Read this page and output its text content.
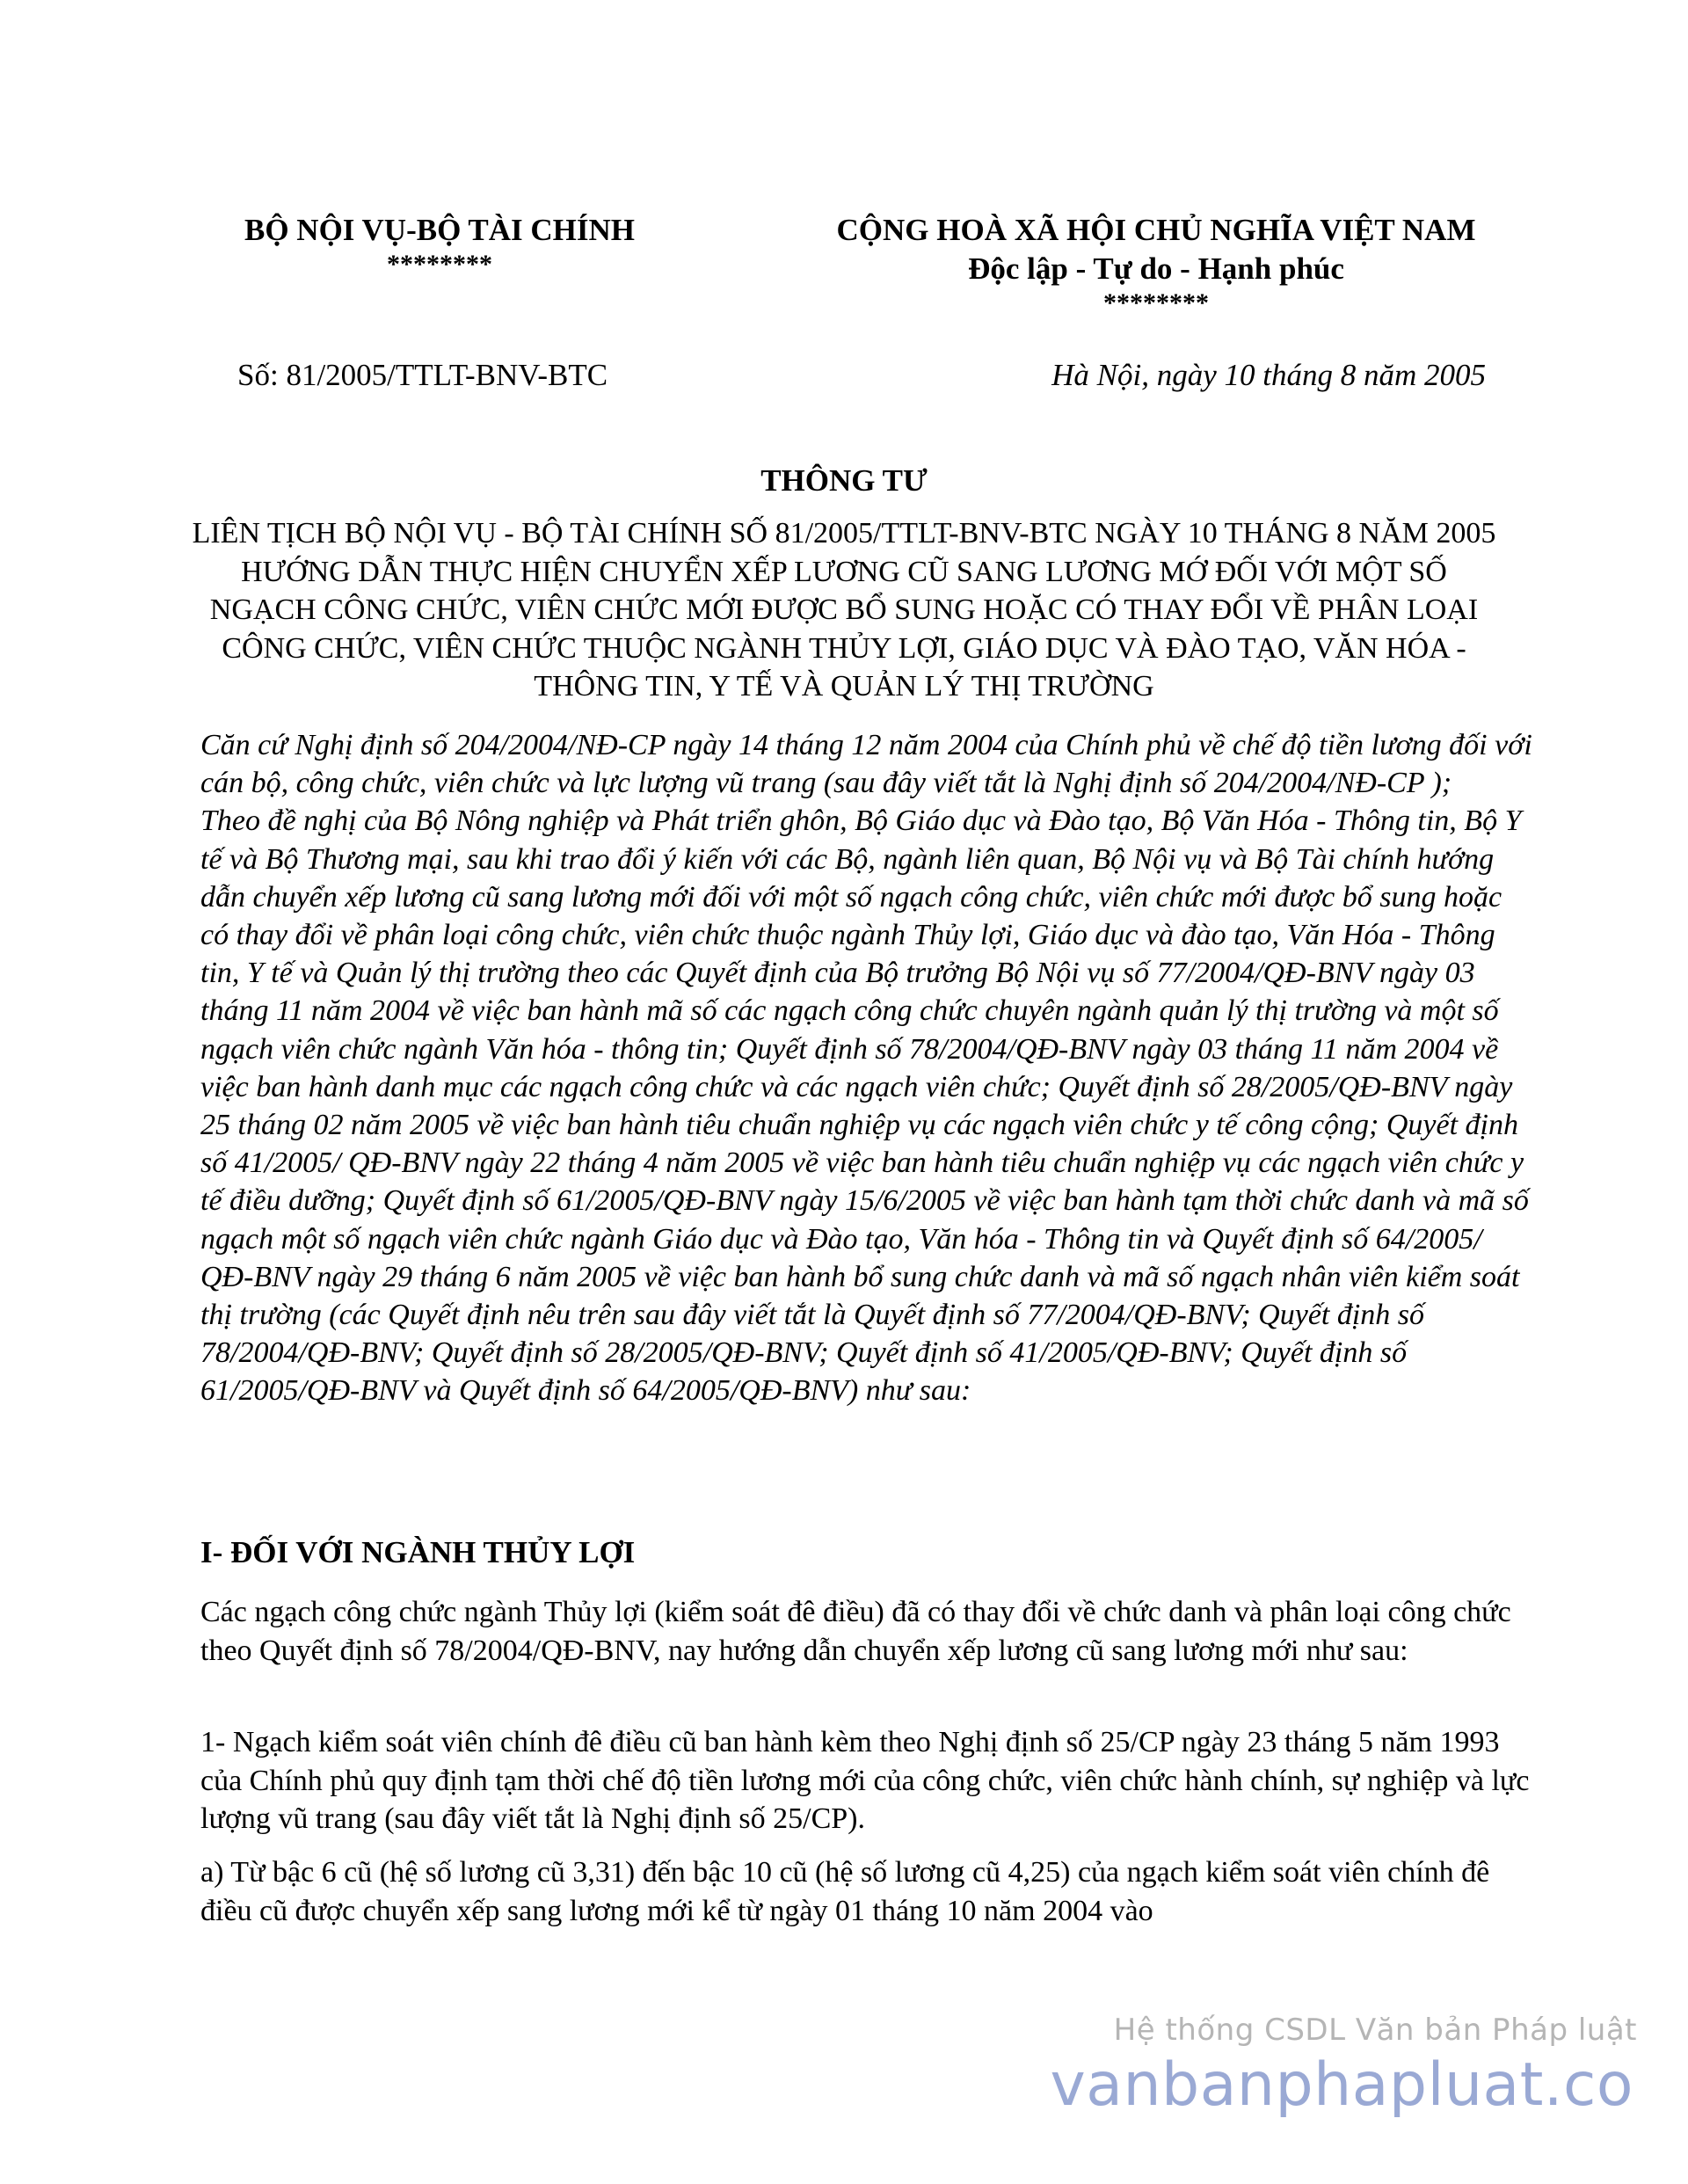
BỘ NỘI VỤ-BỘ TÀI CHÍNH
********
CỘNG HOÀ XÃ HỘI CHỦ NGHĨA VIỆT NAM
Độc lập - Tự do - Hạnh phúc
********
Số: 81/2005/TTLT-BNV-BTC	Hà Nội, ngày 10 tháng 8 năm 2005
THÔNG TƯ
LIÊN TỊCH BỘ NỘI VỤ - BỘ TÀI CHÍNH SỐ 81/2005/TTLT-BNV-BTC NGÀY 10 THÁNG 8 NĂM 2005 HƯỚNG DẪN THỰC HIỆN CHUYỂN XẾP LƯƠNG CŨ SANG LƯƠNG MỚ ĐỐI VỚI MỘT SỐ NGẠCH CÔNG CHỨC, VIÊN CHỨC MỚI ĐƯỢC BỔ SUNG HOẶC CÓ THAY ĐỔI VỀ PHÂN LOẠI CÔNG CHỨC, VIÊN CHỨC THUỘC NGÀNH THỦY LỢI, GIÁO DỤC VÀ ĐÀO TẠO, VĂN HÓA - THÔNG TIN, Y TẾ VÀ QUẢN LÝ THỊ TRƯỜNG

Căn cứ Nghị định số 204/2004/NĐ-CP ngày 14 tháng 12 năm 2004 của Chính phủ về chế độ tiền lương đối với cán bộ, công chức, viên chức và lực lượng vũ trang (sau đây viết tắt là Nghị định số 204/2004/NĐ-CP );

Theo đề nghị của Bộ Nông nghiệp và Phát triển ghôn, Bộ Giáo dục và Đào tạo, Bộ Văn Hóa - Thông tin, Bộ Y tế và Bộ Thương mại, sau khi trao đổi ý kiến với các Bộ, ngành liên quan, Bộ Nội vụ và Bộ Tài chính hướng dẫn chuyển xếp lương cũ sang lương mới đối với một số ngạch công chức, viên chức mới được bổ sung hoặc có thay đổi về phân loại công chức, viên chức thuộc ngành Thủy lợi, Giáo dục và đào tạo, Văn Hóa - Thông tin, Y tế và Quản lý thị trường theo các Quyết định của Bộ trưởng Bộ Nội vụ số 77/2004/QĐ-BNV ngày 03 tháng 11 năm 2004 về việc ban hành mã số các ngạch công chức chuyên ngành quản lý thị trường và một số ngạch viên chức ngành Văn hóa - thông tin; Quyết định số 78/2004/QĐ-BNV ngày 03 tháng 11 năm 2004 về việc ban hành danh mục các ngạch công chức và các ngạch viên chức; Quyết định số 28/2005/QĐ-BNV ngày 25 tháng 02 năm 2005 về việc ban hành tiêu chuẩn nghiệp vụ các ngạch viên chức y tế công cộng; Quyết định số 41/2005/ QĐ-BNV ngày 22 tháng 4 năm 2005 về việc ban hành tiêu chuẩn nghiệp vụ các ngạch viên chức y tế điều dưỡng; Quyết định số 61/2005/QĐ-BNV ngày 15/6/2005 về việc ban hành tạm thời chức danh và mã số ngạch một số ngạch viên chức ngành Giáo dục và Đào tạo, Văn hóa - Thông tin và Quyết định số 64/2005/ QĐ-BNV ngày 29 tháng 6 năm 2005 về việc ban hành bổ sung chức danh và mã số ngạch nhân viên kiểm soát thị trường (các Quyết định nêu trên sau đây viết tắt là Quyết định số 77/2004/QĐ-BNV; Quyết định số 78/2004/QĐ-BNV; Quyết định số 28/2005/QĐ-BNV; Quyết định số 41/2005/QĐ-BNV; Quyết định số 61/2005/QĐ-BNV và Quyết định số 64/2005/QĐ-BNV) như sau:

I- ĐỐI VỚI NGÀNH THỦY LỢI

Các ngạch công chức ngành Thủy lợi (kiểm soát đê điều) đã có thay đổi về chức danh và phân loại công chức theo Quyết định số 78/2004/QĐ-BNV, nay hướng dẫn chuyển xếp lương cũ sang lương mới như sau:

1- Ngạch kiểm soát viên chính đê điều cũ ban hành kèm theo Nghị định số 25/CP ngày 23 tháng 5 năm 1993 của Chính phủ quy định tạm thời chế độ tiền lương mới của công chức, viên chức hành chính, sự nghiệp và lực lượng vũ trang (sau đây viết tắt là Nghị định số 25/CP).

a) Từ bậc 6 cũ (hệ số lương cũ 3,31) đến bậc 10 cũ (hệ số lương cũ 4,25) của ngạch kiểm soát viên chính đê điều cũ được chuyển xếp sang lương mới kể từ ngày 01 tháng 10 năm 2004 vào

Hệ thống CSDL Văn bản Pháp luật
vanbanphapluat.co
